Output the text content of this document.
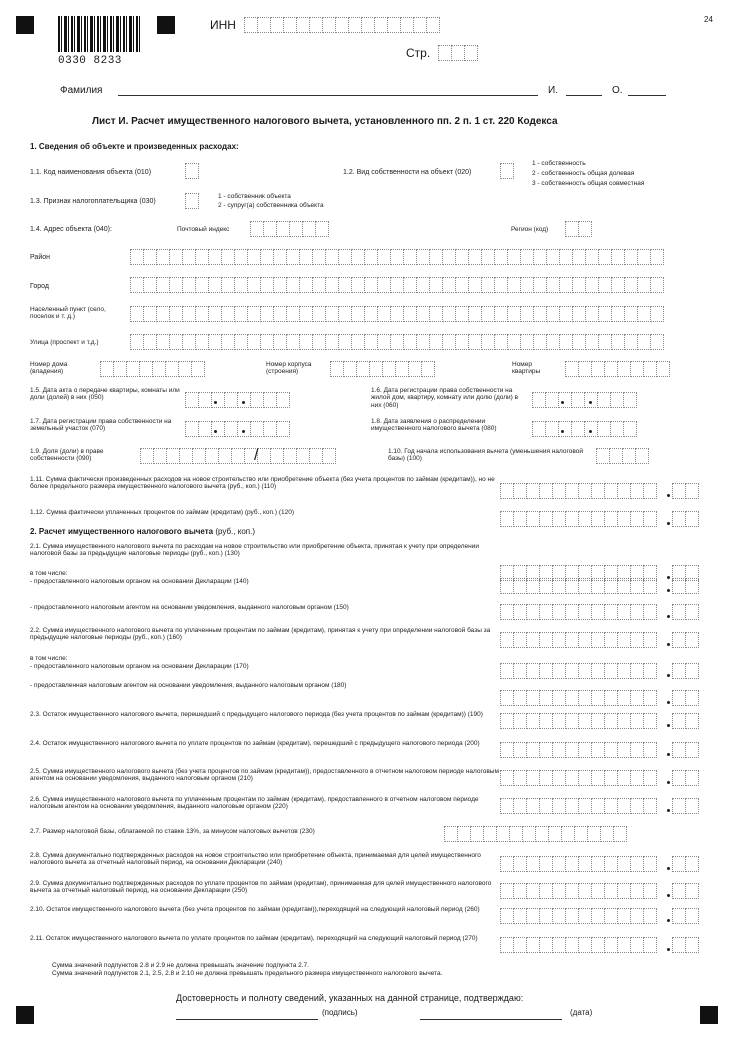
24
0330 8233
ИНН
Стр.
Фамилия	И.	О.
Лист И. Расчет имущественного налогового вычета, установленного пп. 2 п. 1 ст. 220 Кодекса
1. Сведения об объекте и произведенных расходах:
1.1. Код наименования объекта (010)	1.2. Вид собственности на объект (020)
1 - собственность
2 - собственность общая долевая
3 - собственность общая совместная
1.3. Признак налогоплательщика (030)
1 - собственник объекта
2 - супруг(а) собственника объекта
1.4. Адрес объекта (040):	Почтовый индекс	Регион (код)
Район
Город
Населенный пункт (село, поселок и т. д.)
Улица (проспект и т.д.)
Номер дома (владения)
Номер корпуса (строения)
Номер квартиры
1.5. Дата акта о передаче квартиры, комнаты или доли (долей) в них (050)
1.6. Дата регистрации права собственности на жилой дом, квартиру, комнату или долю (доли) в них (060)
1.7. Дата регистрации права собственности на земельный участок (070)
1.8. Дата заявления о распределении имущественного налогового вычета (080)
1.9. Доля (доли) в праве собственности (090)
1.10. Год начала использования вычета (уменьшения налоговой базы) (100)
1.11. Сумма фактически произведенных расходов на новое строительство или приобретение объекта (без учета процентов по займам (кредитам)), но не более предельного размера имущественного налогового вычета (руб., коп.) (110)
1.12. Сумма фактически уплаченных процентов по займам (кредитам) (руб., коп.) (120)
2. Расчет имущественного налогового вычета (руб., коп.)
2.1. Сумма имущественного налогового вычета по расходам на новое строительство или приобретение объекта, принятая к учету при определении налоговой базы за предыдущие налоговые периоды (руб., коп.) (130)
в том числе:
- предоставленного налоговым органом на основании Декларации (140)
- предоставленного налоговым агентом на основании уведомления, выданного налоговым органом (150)
2.2. Сумма имущественного налогового вычета по уплаченным процентам по займам (кредитам), принятая к учету при определении налоговой базы за предыдущие налоговые периоды (руб., коп.) (160)
в том числе:
- предоставленного налоговым органом на основании Декларации (170)
- предоставленная налоговым агентом на основании уведомления, выданного налоговым органом (180)
2.3. Остаток имущественного налогового вычета, перешедший с предыдущего налогового периода (без учета процентов по займам (кредитам)) (190)
2.4. Остаток имущественного налогового вычета по уплате процентов по займам (кредитам), перешедший с предыдущего налогового периода (200)
2.5. Сумма имущественного налогового вычета (без учета процентов по займам (кредитам)), предоставленного в отчетном налоговом периоде налоговым агентом на основании уведомления, выданного налоговым органом (210)
2.6. Сумма имущественного налогового вычета по уплаченным процентам по займам (кредитам), предоставленного в отчетном налоговом периоде налоговым агентом на основании уведомления, выданного налоговым органом (220)
2.7. Размер налоговой базы, облагаемой по ставке 13%, за минусом налоговых вычетов (230)
2.8. Сумма документально подтвержденных расходов на новое строительство или приобретение объекта, принимаемая для целей имущественного налогового вычета за отчетный налоговый период, на основании Декларации (240)
2.9. Сумма документально подтвержденных расходов по уплате процентов по займам (кредитам), принимаемая для целей имущественного налогового вычета за отчетный налоговый период, на основании Декларации (250)
2.10. Остаток имущественного налогового вычета (без учета процентов по займам (кредитам)),переходящий на следующий налоговый период (260)
2.11. Остаток имущественного налогового вычета по уплате процентов по займам (кредитам), переходящий на следующий налоговый период (270)
Сумма значений подпунктов 2.8 и 2.9 не должна превышать значение подпункта 2.7.
Сумма значений подпунктов 2.1, 2.5, 2.8 и 2.10 не должна превышать предельного размера имущественного налогового вычета.
Достоверность и полноту сведений, указанных на данной странице, подтверждаю:
(подпись)	(дата)
/
